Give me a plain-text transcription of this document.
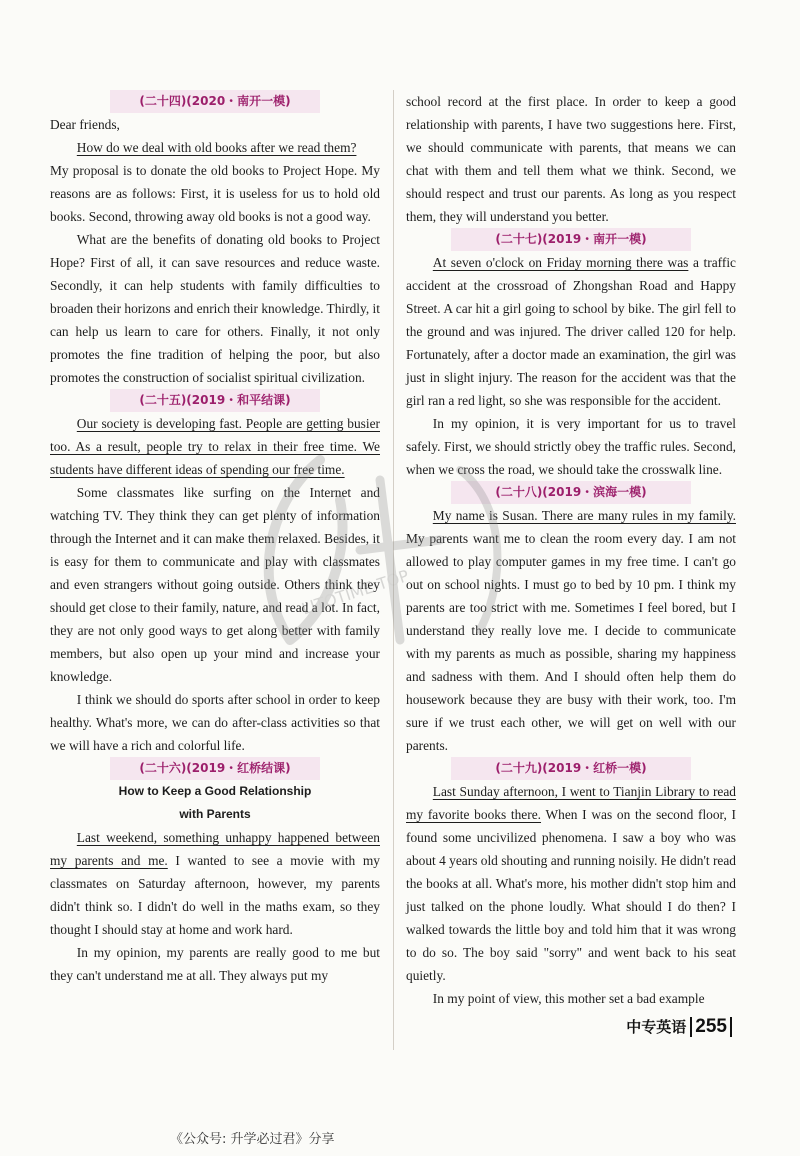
(二十四)(2020・南开一模)

Dear friends,

How do we deal with old books after we read them?

My proposal is to donate the old books to Project Hope. My reasons are as follows: First, it is useless for us to hold old books. Second, throwing away old books is not a good way.

What are the benefits of donating old books to Project Hope? First of all, it can save resources and reduce waste. Secondly, it can help students with family difficulties to broaden their horizons and enrich their knowledge. Thirdly, it can help us learn to care for others. Finally, it not only promotes the fine tradition of helping the poor, but also promotes the construction of socialist spiritual civilization.

(二十五)(2019・和平结课)

Our society is developing fast. People are getting busier too. As a result, people try to relax in their free time. We students have different ideas of spending our free time.

Some classmates like surfing on the Internet and watching TV. They think they can get plenty of information through the Internet and it can make them relaxed. Besides, it is easy for them to communicate and play with classmates and even strangers without going outside. Others think they should get close to their family, nature, and read a lot. In fact, they are not only good ways to get along better with family members, but also open up your mind and increase your knowledge.

I think we should do sports after school in order to keep healthy. What's more, we can do after-class activities so that we will have a rich and colorful life.

(二十六)(2019・红桥结课)

How to Keep a Good Relationship

with Parents

Last weekend, something unhappy happened between my parents and me. I wanted to see a movie with my classmates on Saturday afternoon, however, my parents didn't think so. I didn't do well in the maths exam, so they thought I should stay at home and work hard.

In my opinion, my parents are really good to me but they can't understand me at all. They always put my

school record at the first place. In order to keep a good relationship with parents, I have two suggestions here. First, we should communicate with parents, that means we can chat with them and tell them what we think. Second, we should respect and trust our parents. As long as you respect them, they will understand you better.

(二十七)(2019・南开一模)

At seven o'clock on Friday morning there was a traffic accident at the crossroad of Zhongshan Road and Happy Street. A car hit a girl going to school by bike. The girl fell to the ground and was injured. The driver called 120 for help. Fortunately, after a doctor made an examination, the girl was just in slight injury. The reason for the accident was that the girl ran a red light, so she was responsible for the accident.

In my opinion, it is very important for us to travel safely. First, we should strictly obey the traffic rules. Second, when we cross the road, we should take the crosswalk line.

(二十八)(2019・滨海一模)

My name is Susan. There are many rules in my family. My parents want me to clean the room every day. I am not allowed to play computer games in my free time. I can't go out on school nights. I must go to bed by 10 pm. I think my parents are too strict with me. Sometimes I feel bored, but I understand they really love me. I decide to communicate with my parents as much as possible, sharing my happiness and sadness with them. And I should often help them do housework because they are busy with their work, too. I'm sure if we trust each other, we will get on well with our parents.

(二十九)(2019・红桥一模)

Last Sunday afternoon, I went to Tianjin Library to read my favorite books there. When I was on the second floor, I found some uncivilized phenomena. I saw a boy who was about 4 years old shouting and running noisily. He didn't read the books at all. What's more, his mother didn't stop him and just talked on the phone loudly. What should I do then? I walked towards the little boy and told him that it was wrong to do so. The boy said "sorry" and went back to his seat quietly.

In my point of view, this mother set a bad example

LITOTIME·TOP
中专英语 255
《公众号: 升学必过君》分享
